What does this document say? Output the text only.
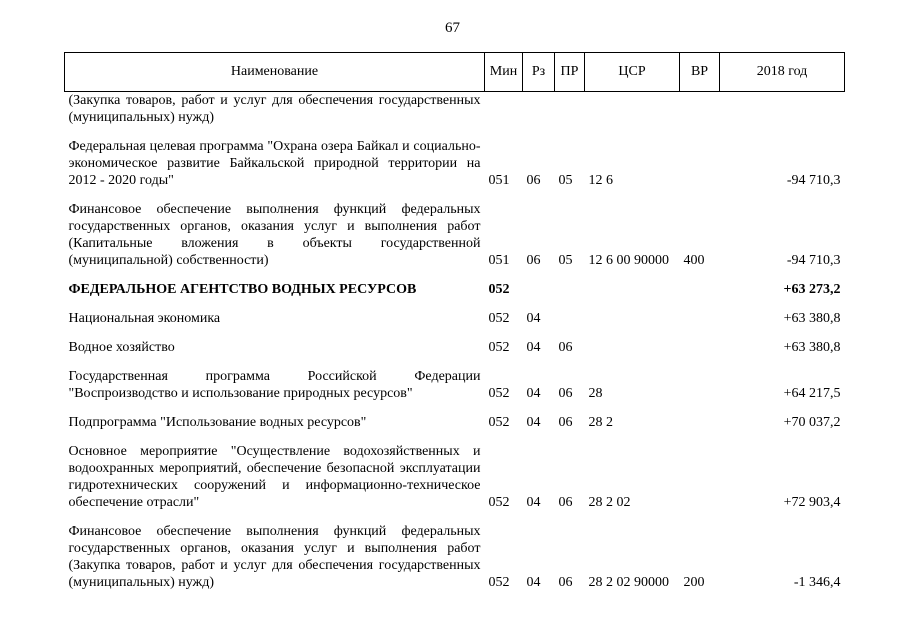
67
Наименование	Мин	Рз	ПР	ЦСР	ВР	2018 год
(Закупка товаров, работ и услуг для обеспечения государственных (муниципальных) нужд)						
Федеральная целевая программа "Охрана озера Байкал и социально-экономическое развитие Байкальской природной территории на 2012 - 2020 годы"	051	06	05	12 6		-94 710,3
Финансовое обеспечение выполнения функций федеральных государственных органов, оказания услуг и выполнения работ (Капитальные вложения в объекты государственной (муниципальной) собственности)	051	06	05	12 6 00 90000	400	-94 710,3
ФЕДЕРАЛЬНОЕ АГЕНТСТВО ВОДНЫХ РЕСУРСОВ	052					+63 273,2
Национальная экономика	052	04				+63 380,8
Водное хозяйство	052	04	06			+63 380,8
Государственная программа Российской Федерации "Воспроизводство и использование природных ресурсов"	052	04	06	28		+64 217,5
Подпрограмма "Использование водных ресурсов"	052	04	06	28 2		+70 037,2
Основное мероприятие "Осуществление водохозяйственных и водоохранных мероприятий, обеспечение безопасной эксплуатации гидротехнических сооружений и информационно-техническое обеспечение отрасли"	052	04	06	28 2 02		+72 903,4
Финансовое обеспечение выполнения функций федеральных государственных органов, оказания услуг и выполнения работ (Закупка товаров, работ и услуг для обеспечения государственных (муниципальных) нужд)	052	04	06	28 2 02 90000	200	-1 346,4
